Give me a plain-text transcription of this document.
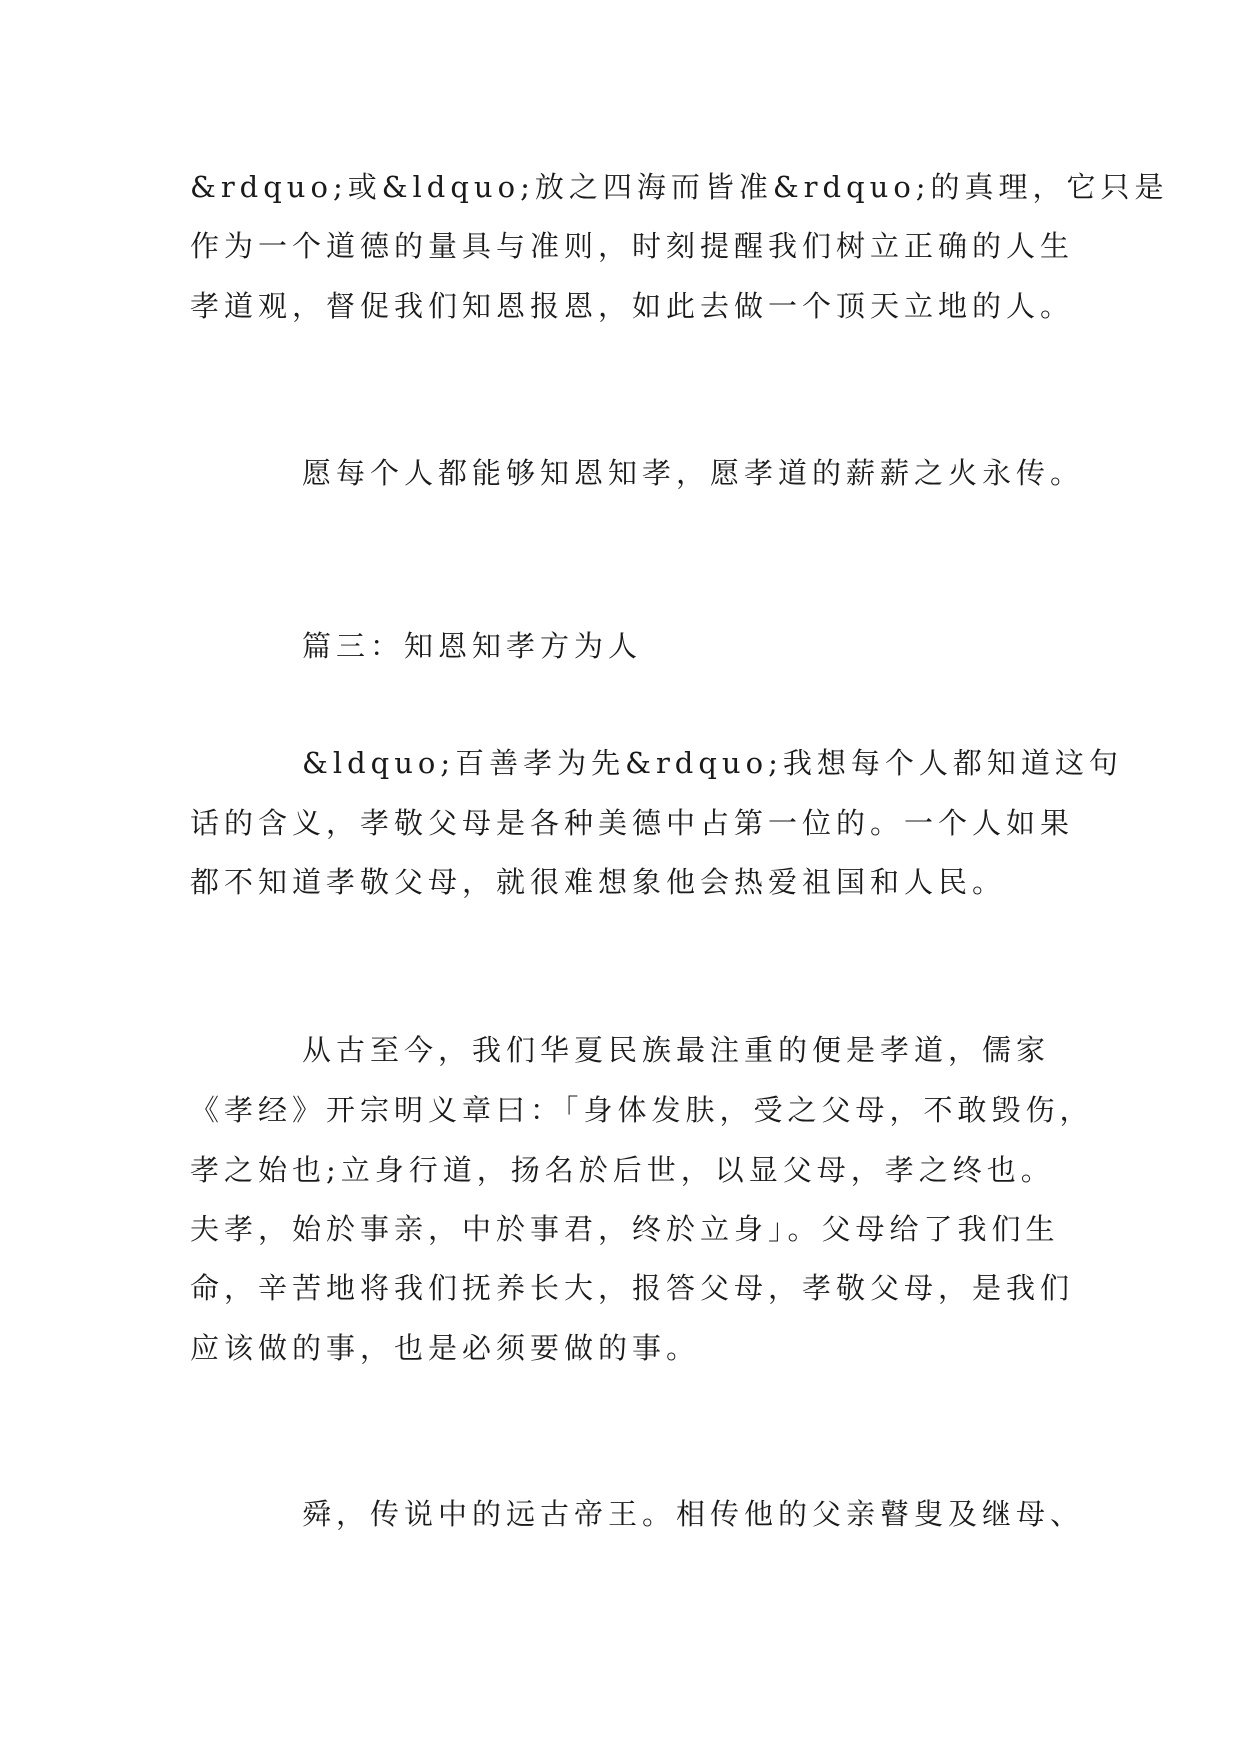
&rdquo;或&ldquo;放之四海而皆准&rdquo;的真理，它只是
作为一个道德的量具与准则，时刻提醒我们树立正确的人生
孝道观，督促我们知恩报恩，如此去做一个顶天立地的人。
愿每个人都能够知恩知孝，愿孝道的薪薪之火永传。
篇三：知恩知孝方为人
&ldquo;百善孝为先&rdquo;我想每个人都知道这句
话的含义，孝敬父母是各种美德中占第一位的。一个人如果
都不知道孝敬父母，就很难想象他会热爱祖国和人民。
从古至今，我们华夏民族最注重的便是孝道，儒家
《孝经》开宗明义章曰：「身体发肤，受之父母，不敢毁伤，
孝之始也;立身行道，扬名於后世，以显父母，孝之终也。
夫孝，始於事亲，中於事君，终於立身」。父母给了我们生
命，辛苦地将我们抚养长大，报答父母，孝敬父母，是我们
应该做的事，也是必须要做的事。
舜，传说中的远古帝王。相传他的父亲瞽叟及继母、
